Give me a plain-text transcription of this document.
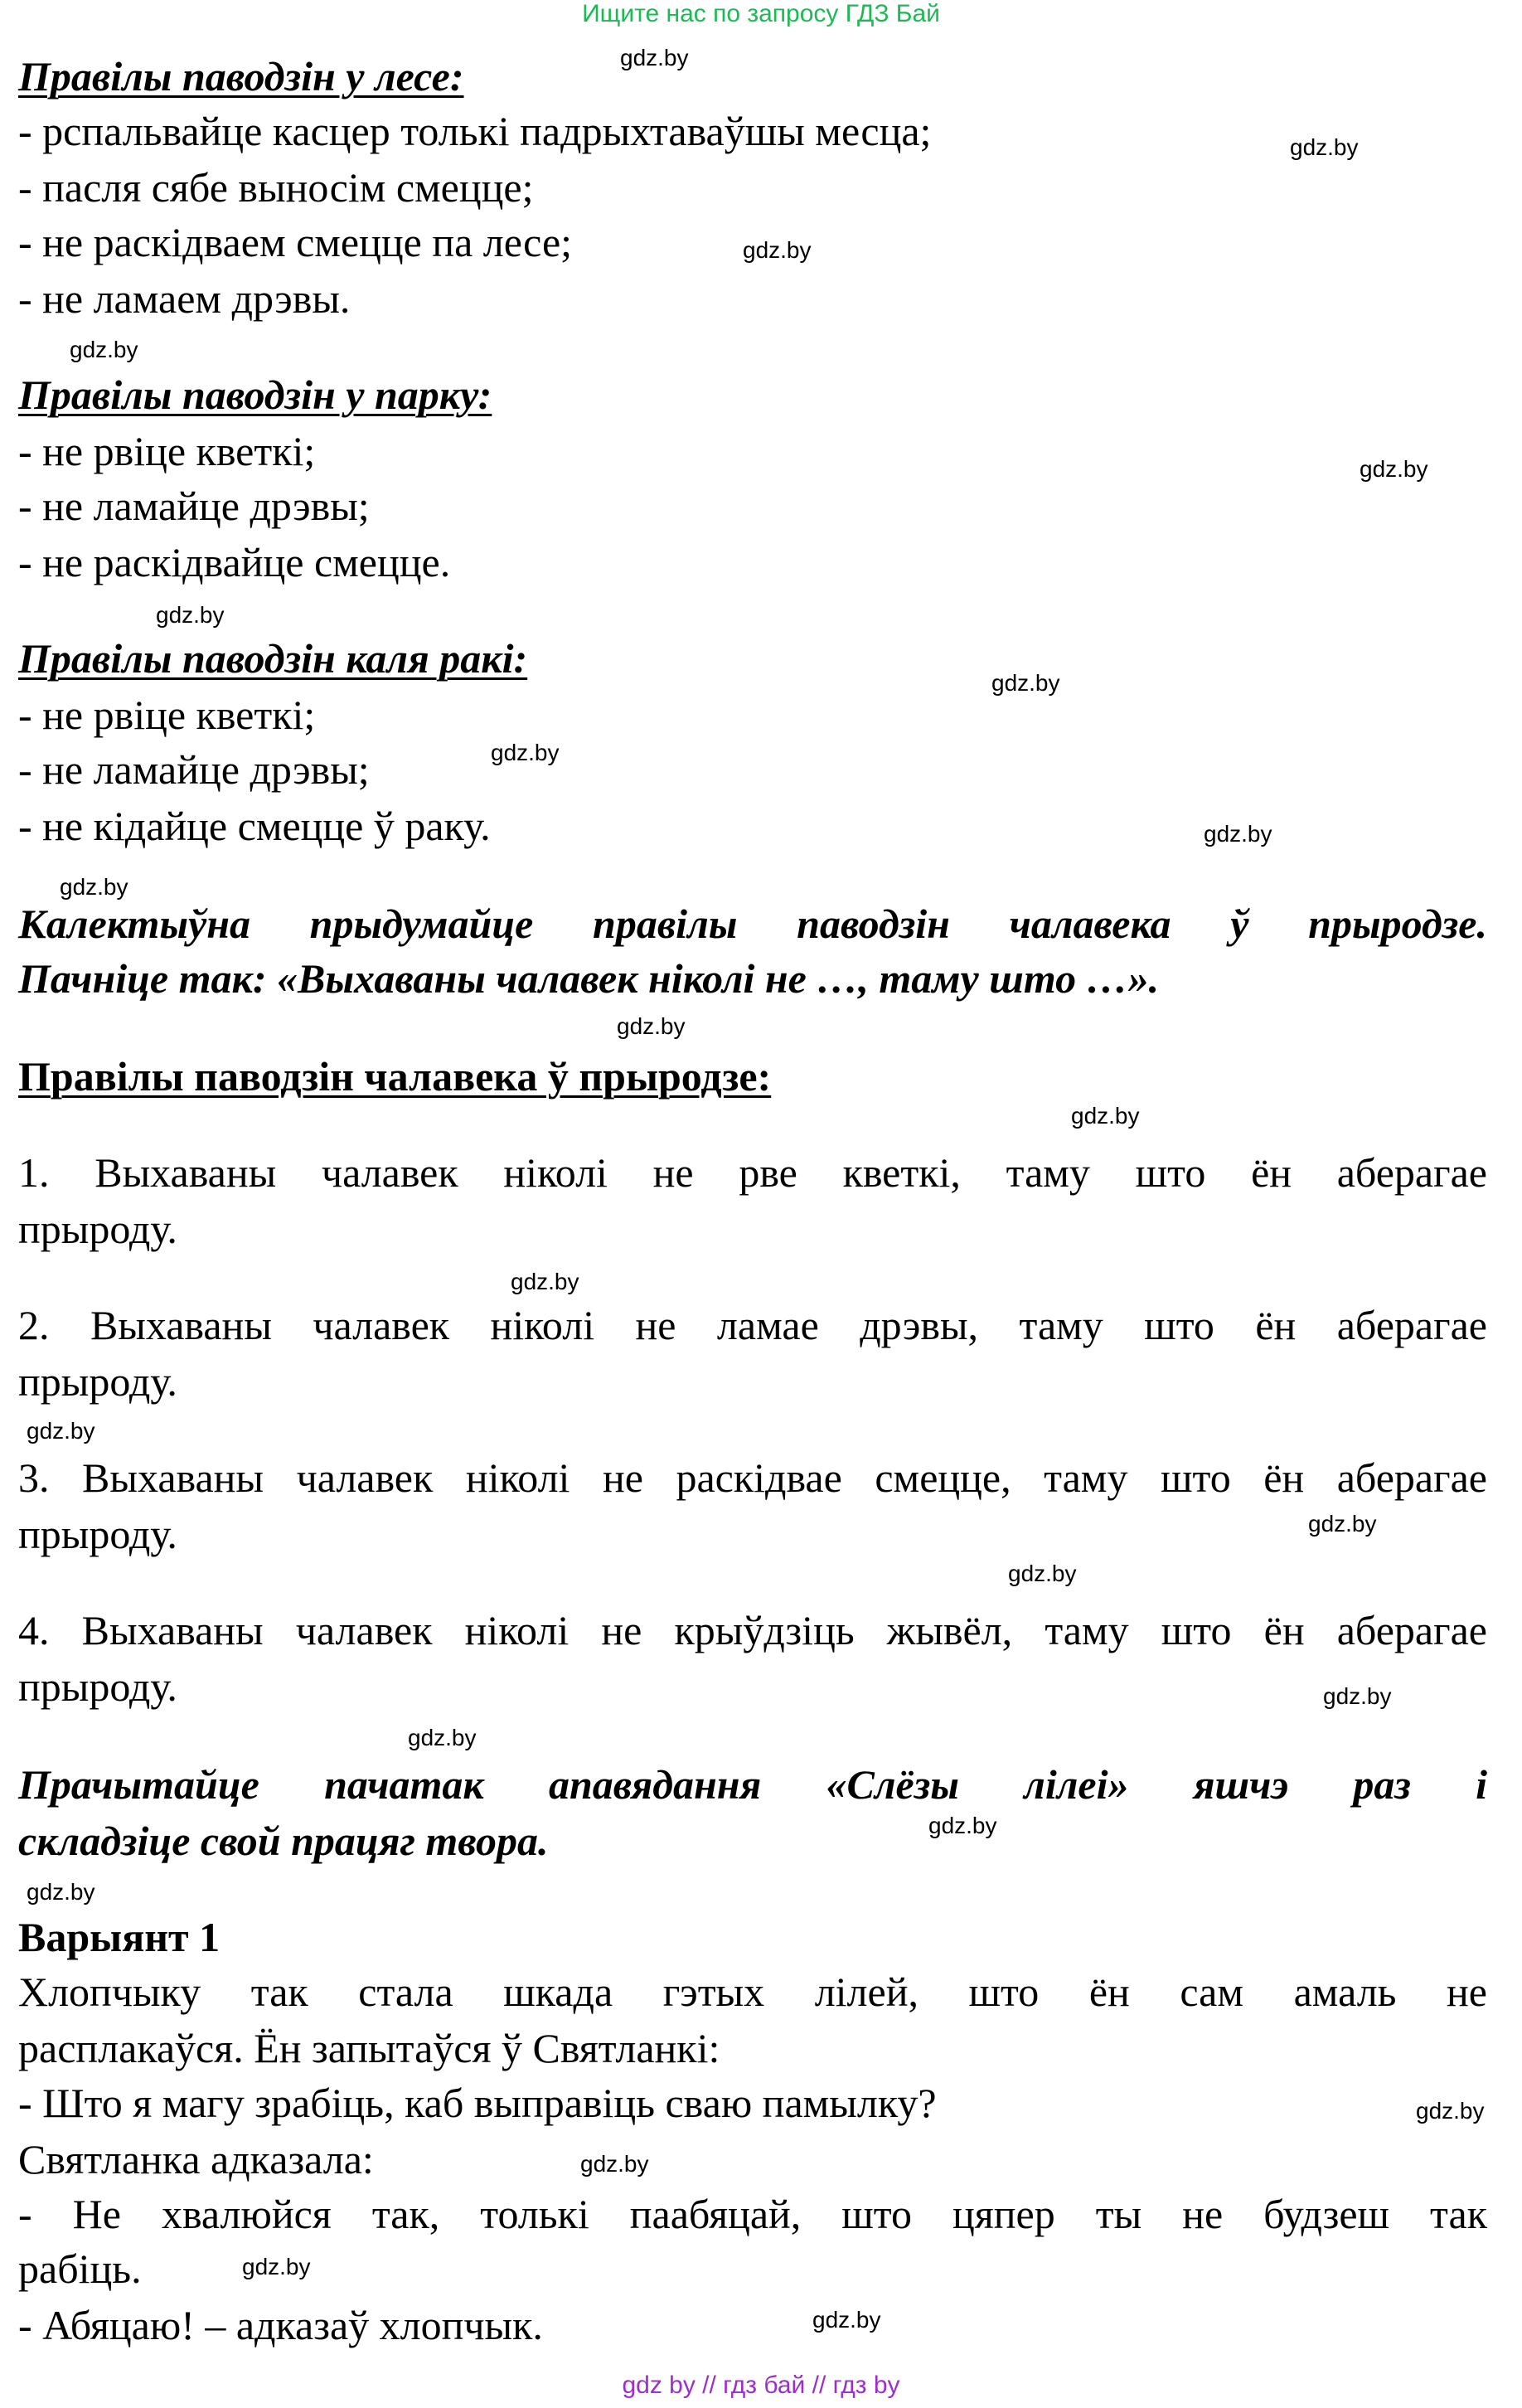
Ищите нас по запросу ГДЗ Бай
Правілы паводзін у лесе:
- рспальвайце касцер толькі падрыхтаваўшы месца;
- пасля сябе выносім смецце;
- не раскідваем смецце па лесе;
- не ламаем дрэвы.
Правілы паводзін у парку:
- не рвіце кветкі;
- не ламайце дрэвы;
- не раскідвайце смецце.
Правілы паводзін каля ракі:
- не рвіце кветкі;
- не ламайце дрэвы;
- не кідайце смецце ў раку.
Калектыўна прыдумайце правілы паводзін чалавека ў прыродзе.
Пачніце так: «Выхаваны чалавек ніколі не …, таму што …».
Правілы паводзін чалавека ў прыродзе:
1. Выхаваны чалавек ніколі не рве кветкі, таму што ён аберагае
прыроду.
2. Выхаваны чалавек ніколі не ламае дрэвы, таму што ён аберагае
прыроду.
3. Выхаваны чалавек ніколі не раскідвае смецце, таму што ён аберагае
прыроду.
4. Выхаваны чалавек ніколі не крыўдзіць жывёл, таму што ён аберагае
прыроду.
Прачытайце пачатак апавядання «Слёзы лілеі» яшчэ раз і
складзіце свой працяг твора.
Варыянт 1
Хлопчыку так стала шкада гэтых лілей, што ён сам амаль не
расплакаўся. Ён запытаўся ў Святланкі:
- Што я магу зрабіць, каб выправіць сваю памылку?
Святланка адказала:
- Не хвалюйся так, толькі паабяцай, што цяпер ты не будзеш так
рабіць.
- Абяцаю! – адказаў хлопчык.
gdz.by
gdz.by
gdz.by
gdz.by
gdz.by
gdz.by
gdz.by
gdz.by
gdz.by
gdz.by
gdz.by
gdz.by
gdz.by
gdz.by
gdz.by
gdz.by
gdz.by
gdz.by
gdz.by
gdz.by
gdz.by
gdz.by
gdz.by
gdz.by
gdz by // гдз бай // гдз by
